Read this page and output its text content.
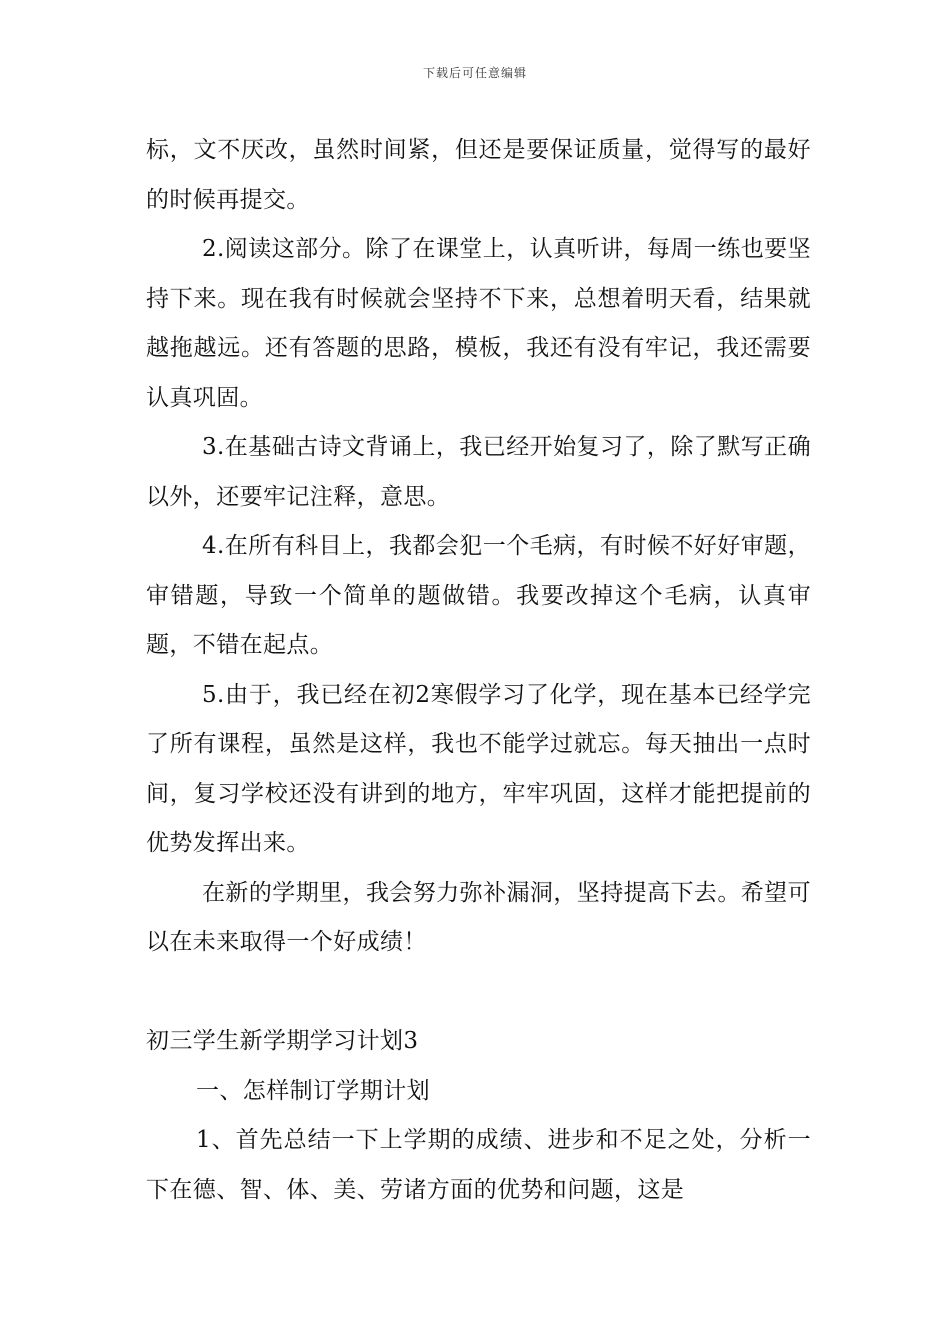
下载后可任意编辑

标，文不厌改，虽然时间紧，但还是要保证质量，觉得写的最好的时候再提交。

2.阅读这部分。除了在课堂上，认真听讲，每周一练也要坚持下来。现在我有时候就会坚持不下来，总想着明天看，结果就越拖越远。还有答题的思路，模板，我还有没有牢记，我还需要认真巩固。

3.在基础古诗文背诵上，我已经开始复习了，除了默写正确以外，还要牢记注释，意思。

4.在所有科目上，我都会犯一个毛病，有时候不好好审题，审错题，导致一个简单的题做错。我要改掉这个毛病，认真审题，不错在起点。

5.由于，我已经在初2寒假学习了化学，现在基本已经学完了所有课程，虽然是这样，我也不能学过就忘。每天抽出一点时间，复习学校还没有讲到的地方，牢牢巩固，这样才能把提前的优势发挥出来。

在新的学期里，我会努力弥补漏洞，坚持提高下去。希望可以在未来取得一个好成绩！

初三学生新学期学习计划3

一、怎样制订学期计划

1、首先总结一下上学期的成绩、进步和不足之处，分析一下在德、智、体、美、劳诸方面的优势和问题，这是
